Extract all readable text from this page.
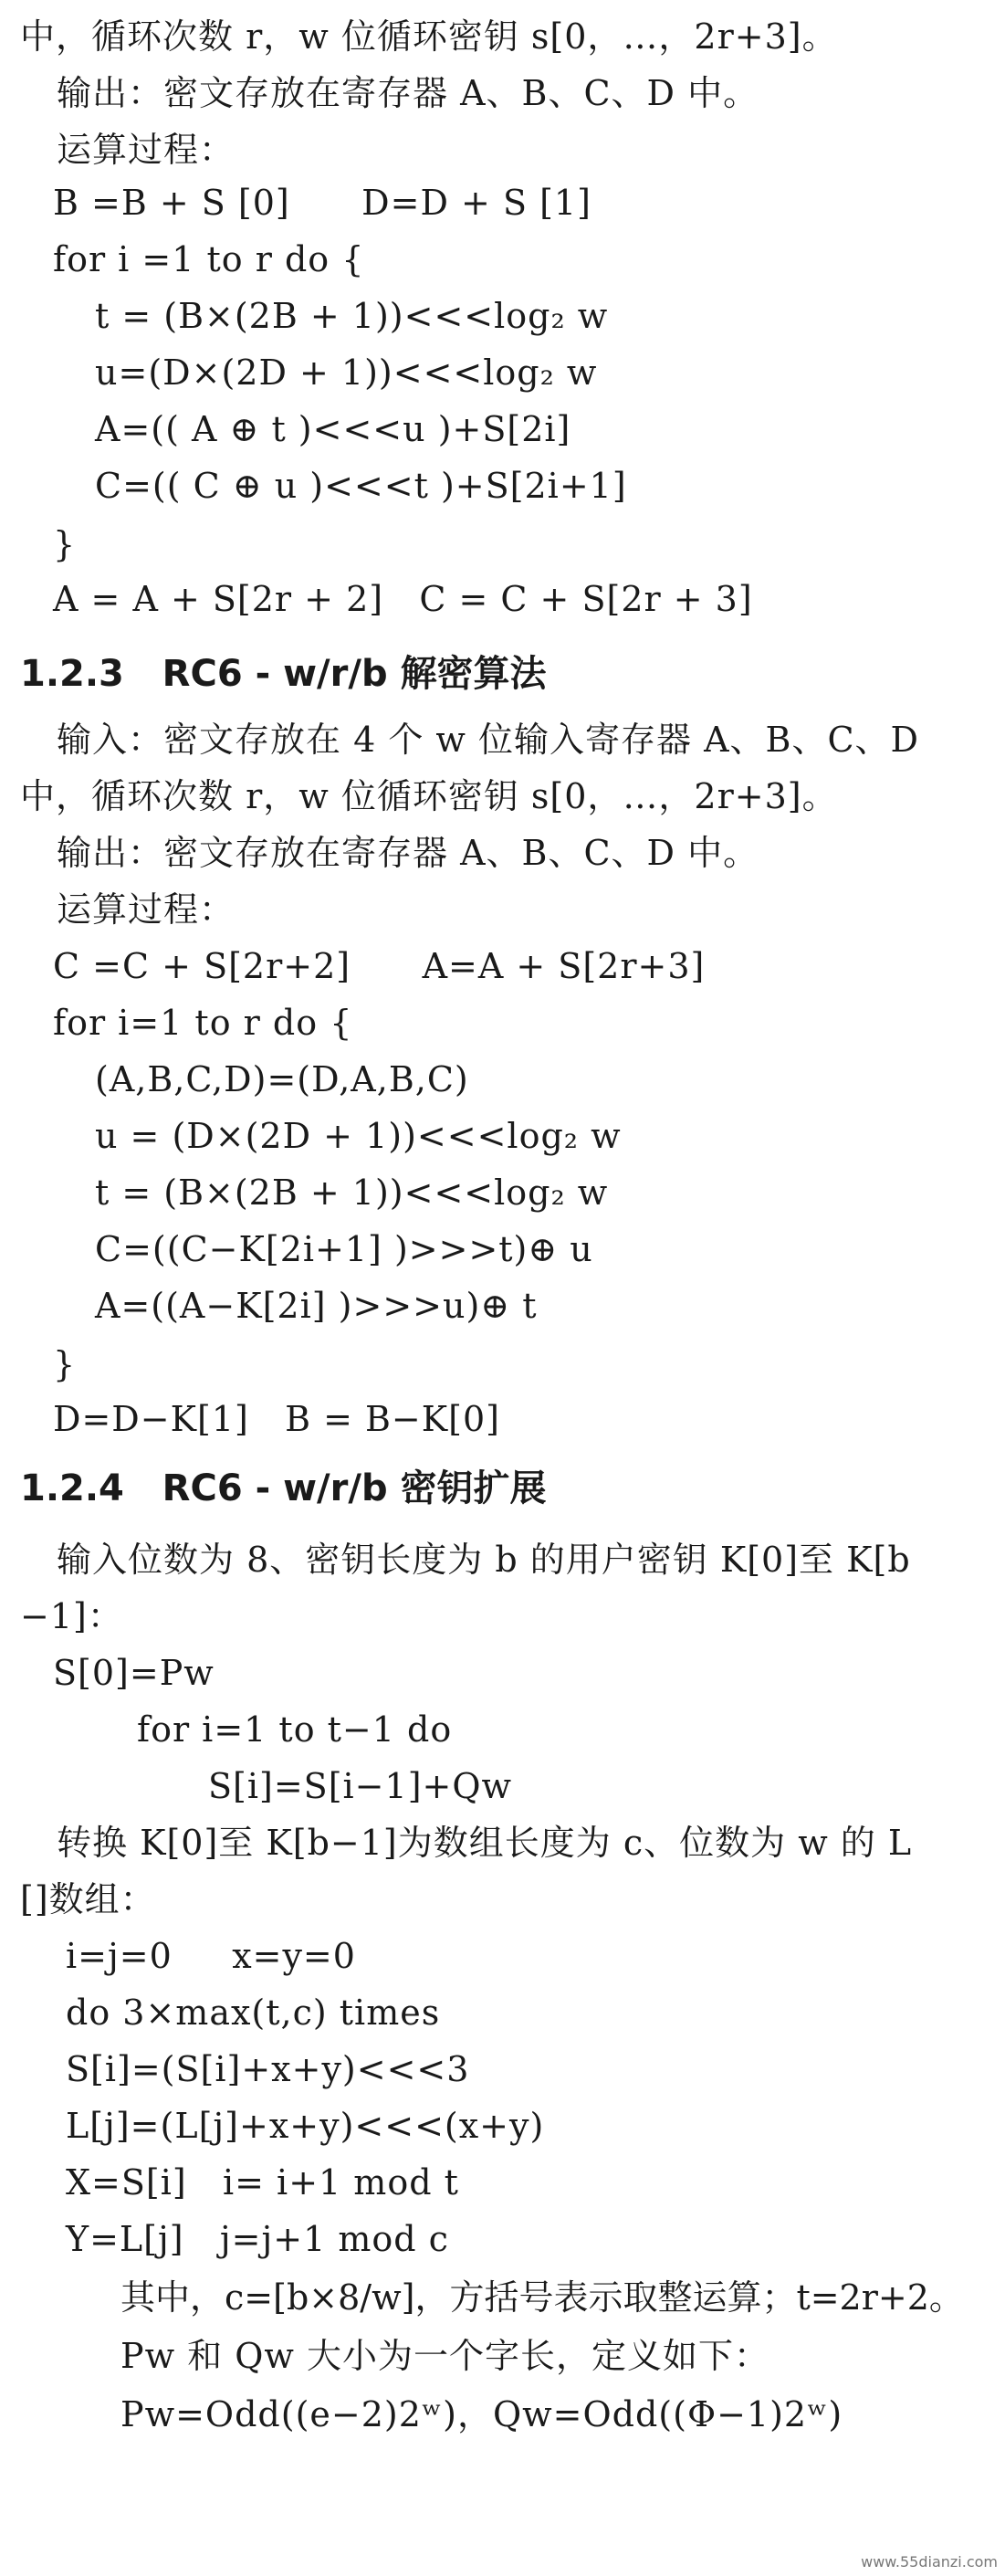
中，循环次数 r，w 位循环密钥 s[0，…，2r+3]。
输出：密文存放在寄存器 A、B、C、D 中。
运算过程：
B =B + S [0]      D=D + S [1]
for i =1 to r do {
t = (B×(2B + 1))<<<log₂ w
u=(D×(2D + 1))<<<log₂ w
A=(( A ⊕ t )<<<u )+S[2i]
C=(( C ⊕ u )<<<t )+S[2i+1]
}
A = A + S[2r + 2]   C = C + S[2r + 3]
1.2.3   RC6 - w/r/b 解密算法
输入：密文存放在 4 个 w 位输入寄存器 A、B、C、D
中，循环次数 r，w 位循环密钥 s[0，…，2r+3]。
输出：密文存放在寄存器 A、B、C、D 中。
运算过程：
C =C + S[2r+2]      A=A + S[2r+3]
for i=1 to r do {
(A,B,C,D)=(D,A,B,C)
u = (D×(2D + 1))<<<log₂ w
t = (B×(2B + 1))<<<log₂ w
C=((C−K[2i+1] )>>>t)⊕ u
A=((A−K[2i] )>>>u)⊕ t
}
D=D−K[1]   B = B−K[0]
1.2.4   RC6 - w/r/b 密钥扩展
输入位数为 8、密钥长度为 b 的用户密钥 K[0]至 K[b
−1]：
S[0]=Pw
for i=1 to t−1 do
S[i]=S[i−1]+Qw
转换 K[0]至 K[b−1]为数组长度为 c、位数为 w 的 L
[]数组：
i=j=0     x=y=0
do 3×max(t,c) times
S[i]=(S[i]+x+y)<<<3
L[j]=(L[j]+x+y)<<<(x+y)
X=S[i]   i= i+1 mod t
Y=L[j]   j=j+1 mod c
其中，c=[b×8/w]，方括号表示取整运算；t=2r+2。
Pw 和 Qw 大小为一个字长，定义如下：
Pw=Odd((e−2)2ʷ)，Qw=Odd((Φ−1)2ʷ)
www.55dianzi.com
